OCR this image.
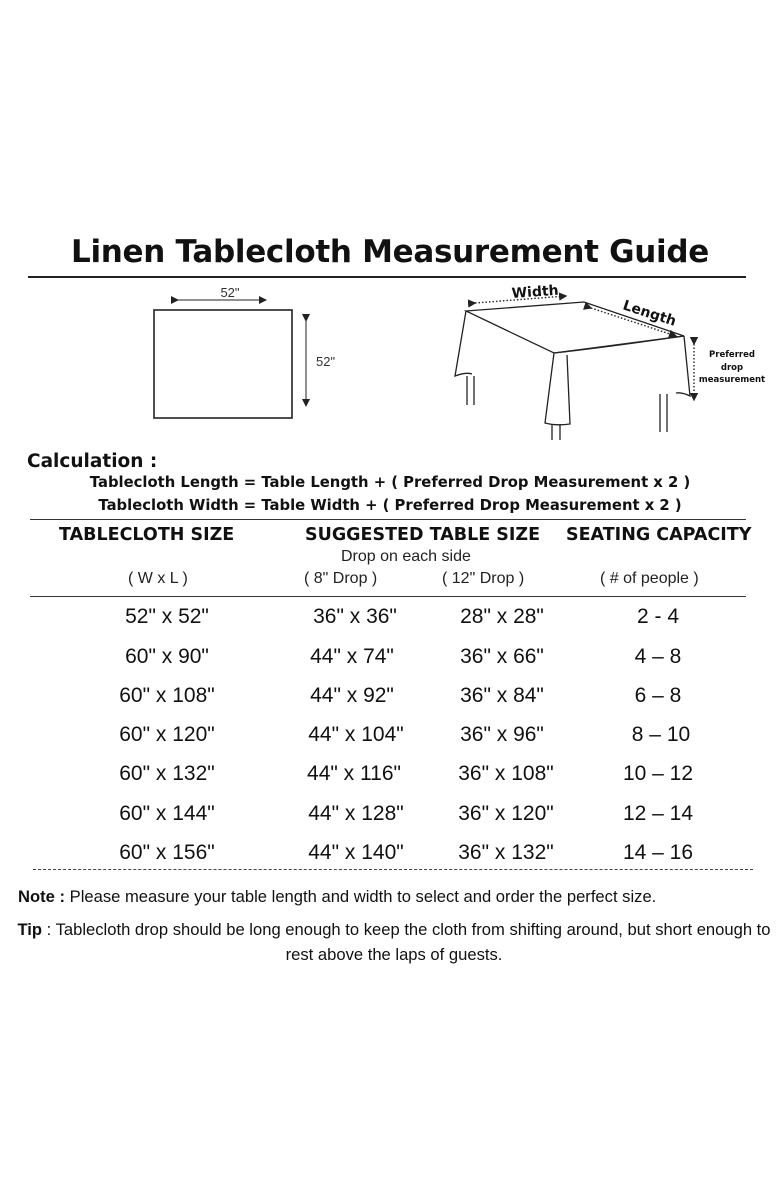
Linen Tablecloth Measurement Guide
52"
52"
Width
Length
Preferred
drop
measurement
Calculation :
Tablecloth Length = Table Length + ( Preferred Drop Measurement x 2 )
Tablecloth Width = Table Width + ( Preferred Drop Measurement x 2 )
TABLECLOTH SIZE	SUGGESTED TABLE SIZE SEATING CAPACITY
Drop on each side
( W x L )	( 8" Drop )	( 12" Drop )	( # of people )
52" x 52"	36" x 36"	28" x 28"	2 - 4
60" x 90"	44" x 74"	36" x 66"	4 – 8
60" x 108"	44" x 92"	36" x 84"	6 – 8
60" x 120"	44" x 104"	36" x 96"	8 – 10
60" x 132"	44" x 116"	36" x 108"	10 – 12
60" x 144"	44" x 128"	36" x 120"	12 – 14
60" x 156"	44" x 140"	36" x 132"	14 – 16
Note : Please measure your table length and width to select and order the perfect size.
Tip : Tablecloth drop should be long enough to keep the cloth from shifting around, but short enough to rest above the laps of guests.
